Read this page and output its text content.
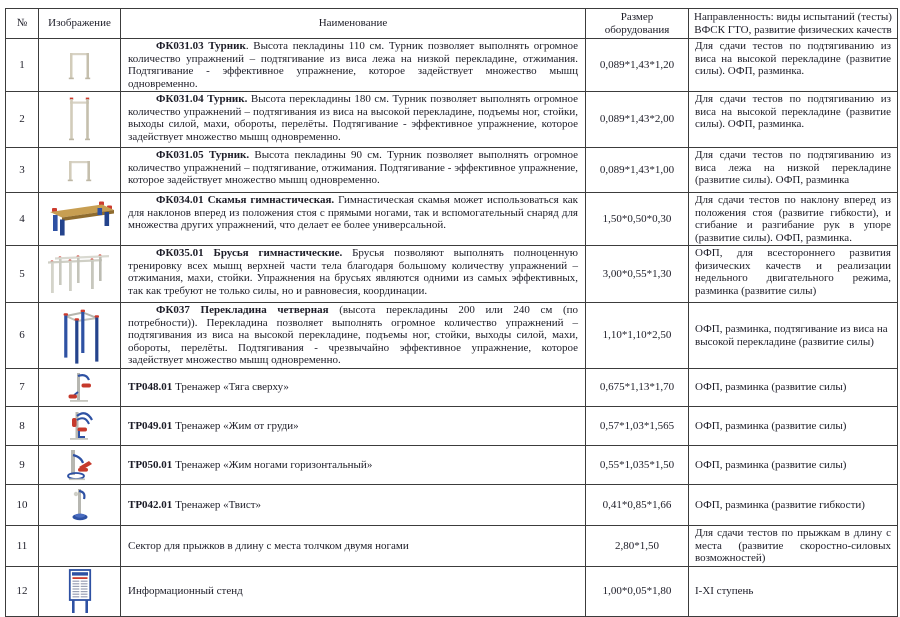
№	Изображение	Наименование	Размер оборудования	Направленность: виды испытаний (тесты) ВФСК ГТО, развитие физических качеств
1		ФК031.03 Турник. Высота пекладины 110 см. Турник позволяет выполнять огромное количество упражнений – подтягивание из виса лежа на низкой перекладине, отжимания. Подтягивание - эффективное упражнение, которое задействует множество мышц одновременно.	0,089*1,43*1,20	Для сдачи тестов по подтягиванию из виса на высокой перекладине (развитие силы). ОФП, разминка.
2		ФК031.04 Турник. Высота перекладины 180 см. Турник позволяет выполнять огромное количество упражнений – подтягивания из виса на высокой перекладине, подъемы ног, стойки, выходы силой, махи, обороты, перелёты. Подтягивание - эффективное упражнение, которое задействует множество мышц одновременно.	0,089*1,43*2,00	Для сдачи тестов по подтягиванию из виса на высокой перекладине (развитие силы). ОФП, разминка.
3		ФК031.05 Турник. Высота пекладины 90 см. Турник позволяет выполнять огромное количество упражнений – подтягивание, отжимания. Подтягивание - эффективное упражнение, которое задействует множество мышц одновременно.	0,089*1,43*1,00	Для сдачи тестов по подтягиванию из виса лежа на низкой перекладине (развитие силы). ОФП, разминка
4		ФК034.01 Скамья гимнастическая. Гимнастическая скамья может использоваться как для наклонов вперед из положения стоя с прямыми ногами, так и вспомогательный снаряд для множества других упражнений, что делает ее более универсальной.	1,50*0,50*0,30	Для сдачи тестов по наклону вперед из положения стоя (развитие гибкости), и сгибание и разгибание рук в упоре (развитие силы). ОФП, разминка.
5		ФК035.01 Брусья гимнастические. Брусья позволяют выполнять полноценную тренировку всех мышц верхней части тела благодаря большому количеству упражнений – отжимания, махи, стойки. Упражнения на брусьях являются одними из самых эффективных, так как требуют не только силы, но и равновесия, координации.	3,00*0,55*1,30	ОФП, для всестороннего развития физических качеств и реализации недельного двигательного режима, разминка (развитие силы)
6		ФК037 Перекладина четверная (высота перекладины 200 или 240 см (по потребности)). Перекладина позволяет выполнять огромное количество упражнений – подтягивания из виса на высокой перекладине, подъемы ног, стойки, выходы силой, махи, обороты, перелёты. Подтягивания - чрезвычайно эффективное упражнение, которое задействует множество мышц одновременно.	1,10*1,10*2,50	ОФП, разминка, подтягивание из виса на высокой перекладине (развитие силы)
7		ТР048.01 Тренажер «Тяга сверху»	0,675*1,13*1,70	ОФП, разминка (развитие силы)
8		ТР049.01 Тренажер «Жим от груди»	0,57*1,03*1,565	ОФП, разминка (развитие силы)
9		ТР050.01 Тренажер «Жим ногами горизонтальный»	0,55*1,035*1,50	ОФП, разминка (развитие силы)
10		ТР042.01 Тренажер «Твист»	0,41*0,85*1,66	ОФП, разминка (развитие гибкости)
11		Сектор для прыжков в длину с места толчком двумя ногами	2,80*1,50	Для сдачи тестов по прыжкам в длину с места (развитие скоростно-силовых возможностей)
12		Информационный стенд	1,00*0,05*1,80	I-XI ступень
